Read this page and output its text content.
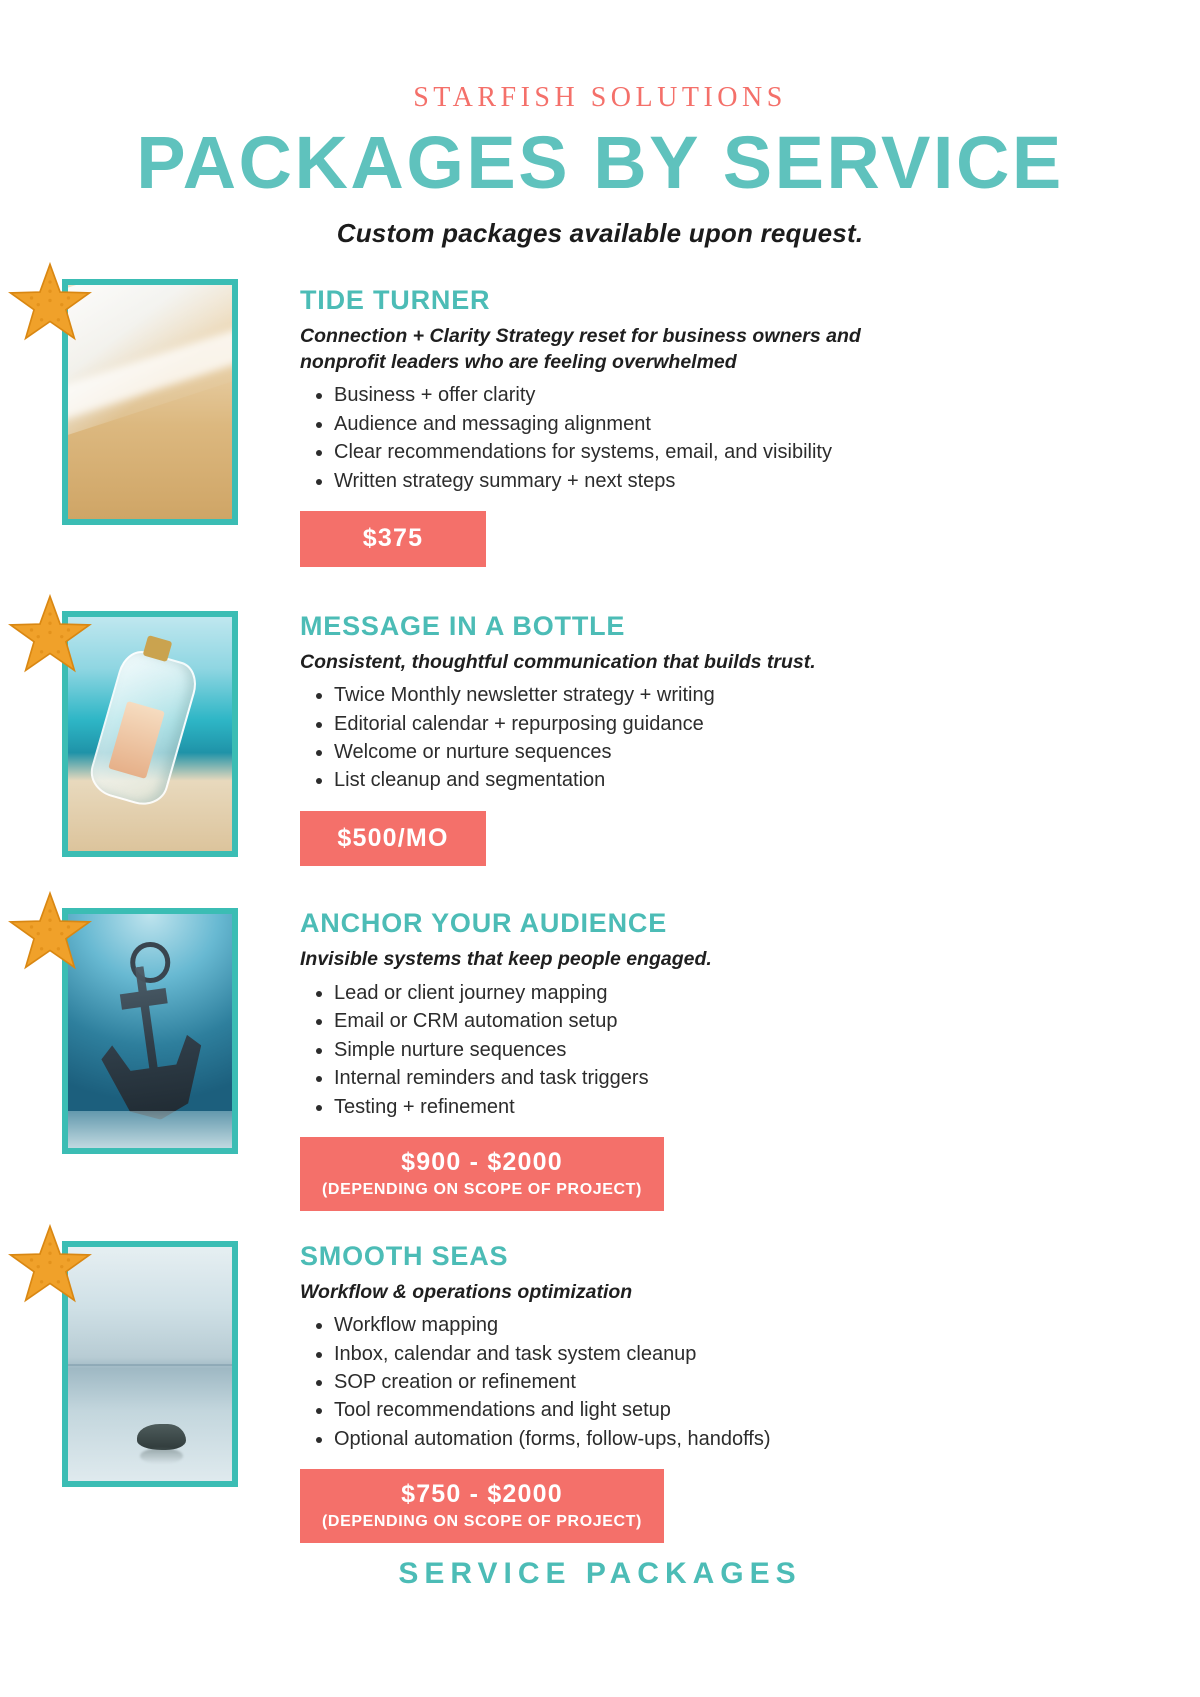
STARFISH SOLUTIONS
PACKAGES BY SERVICE
Custom packages available upon request.
TIDE TURNER
Connection + Clarity Strategy reset for business owners and nonprofit leaders who are feeling overwhelmed
• Business + offer clarity
• Audience and messaging alignment
• Clear recommendations for systems, email, and visibility
• Written strategy summary + next steps
$375
MESSAGE IN A BOTTLE
Consistent, thoughtful communication that builds trust.
• Twice Monthly newsletter strategy + writing
• Editorial calendar + repurposing guidance
• Welcome or nurture sequences
• List cleanup and segmentation
$500/MO
ANCHOR YOUR AUDIENCE
Invisible systems that keep people engaged.
• Lead or client journey mapping
• Email or CRM automation setup
• Simple nurture sequences
• Internal reminders and task triggers
• Testing + refinement
$900 - $2000
(DEPENDING ON SCOPE OF PROJECT)
SMOOTH SEAS
Workflow & operations optimization
• Workflow mapping
• Inbox, calendar and task system cleanup
• SOP creation or refinement
• Tool recommendations and light setup
• Optional automation (forms, follow-ups, handoffs)
$750 - $2000
(DEPENDING ON SCOPE OF PROJECT)
SERVICE PACKAGES
